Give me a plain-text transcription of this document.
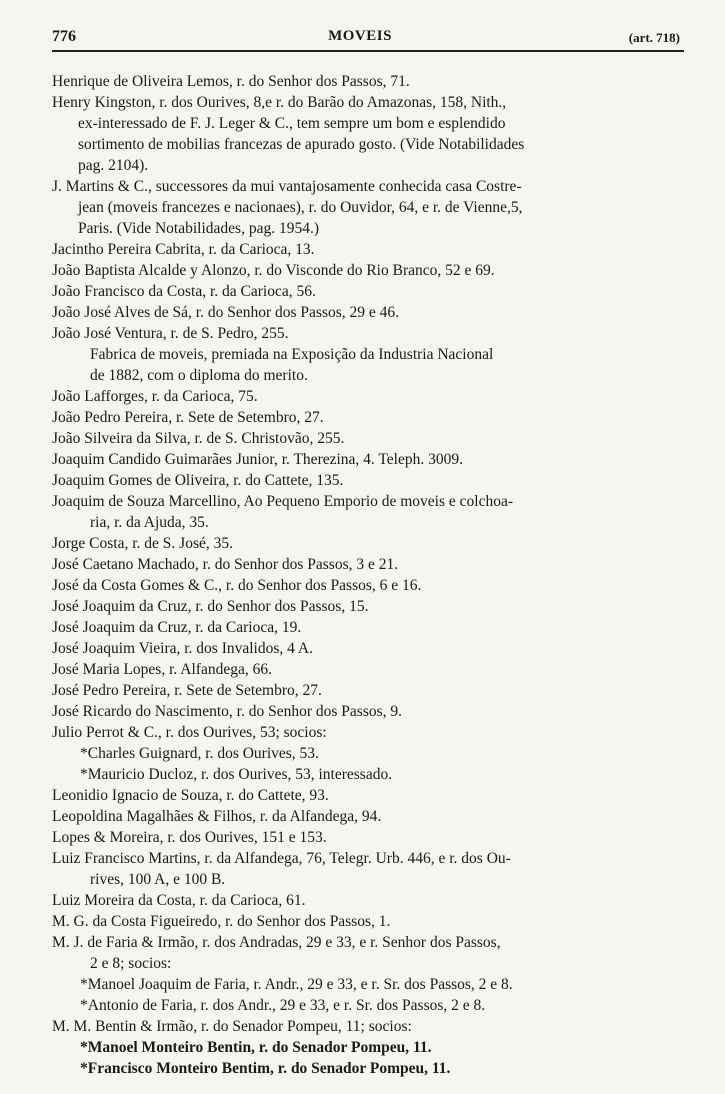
776	MOVEIS	(art. 718)
Henrique de Oliveira Lemos, r. do Senhor dos Passos, 71.
Henry Kingston, r. dos Ourives, 8,e r. do Barão do Amazonas, 158, Nith.,
ex-interessado de F. J. Leger & C., tem sempre um bom e esplendido
sortimento de mobilias francezas de apurado gosto. (Vide Notabilidades
pag. 2104).
J. Martins & C., successores da mui vantajosamente conhecida casa Costre-
jean (moveis francezes e nacionaes), r. do Ouvidor, 64, e r. de Vienne,5,
Paris. (Vide Notabilidades, pag. 1954.)
Jacintho Pereira Cabrita, r. da Carioca, 13.
João Baptista Alcalde y Alonzo, r. do Visconde do Rio Branco, 52 e 69.
João Francisco da Costa, r. da Carioca, 56.
João José Alves de Sá, r. do Senhor dos Passos, 29 e 46.
João José Ventura, r. de S. Pedro, 255.
Fabrica de moveis, premiada na Exposição da Industria Nacional
de 1882, com o diploma do merito.
João Lafforges, r. da Carioca, 75.
João Pedro Pereira, r. Sete de Setembro, 27.
João Silveira da Silva, r. de S. Christovão, 255.
Joaquim Candido Guimarães Junior, r. Therezina, 4. Teleph. 3009.
Joaquim Gomes de Oliveira, r. do Cattete, 135.
Joaquim de Souza Marcellino, Ao Pequeno Emporio de moveis e colchoa-
ria, r. da Ajuda, 35.
Jorge Costa, r. de S. José, 35.
José Caetano Machado, r. do Senhor dos Passos, 3 e 21.
José da Costa Gomes & C., r. do Senhor dos Passos, 6 e 16.
José Joaquim da Cruz, r. do Senhor dos Passos, 15.
José Joaquim da Cruz, r. da Carioca, 19.
José Joaquim Vieira, r. dos Invalidos, 4 A.
José Maria Lopes, r. Alfandega, 66.
José Pedro Pereira, r. Sete de Setembro, 27.
José Ricardo do Nascimento, r. do Senhor dos Passos, 9.
Julio Perrot & C., r. dos Ourives, 53; socios:
*Charles Guignard, r. dos Ourives, 53.
*Mauricio Ducloz, r. dos Ourives, 53, interessado.
Leonidio Ignacio de Souza, r. do Cattete, 93.
Leopoldina Magalhães & Filhos, r. da Alfandega, 94.
Lopes & Moreira, r. dos Ourives, 151 e 153.
Luiz Francisco Martins, r. da Alfandega, 76, Telegr. Urb. 446, e r. dos Ou-
rives, 100 A, e 100 B.
Luiz Moreira da Costa, r. da Carioca, 61.
M. G. da Costa Figueiredo, r. do Senhor dos Passos, 1.
M. J. de Faria & Irmão, r. dos Andradas, 29 e 33, e r. Senhor dos Passos,
2 e 8; socios:
*Manoel Joaquim de Faria, r. Andr., 29 e 33, e r. Sr. dos Passos, 2 e 8.
*Antonio de Faria, r. dos Andr., 29 e 33, e r. Sr. dos Passos, 2 e 8.
M. M. Bentin & Irmão, r. do Senador Pompeu, 11; socios:
*Manoel Monteiro Bentin, r. do Senador Pompeu, 11.
*Francisco Monteiro Bentim, r. do Senador Pompeu, 11.
